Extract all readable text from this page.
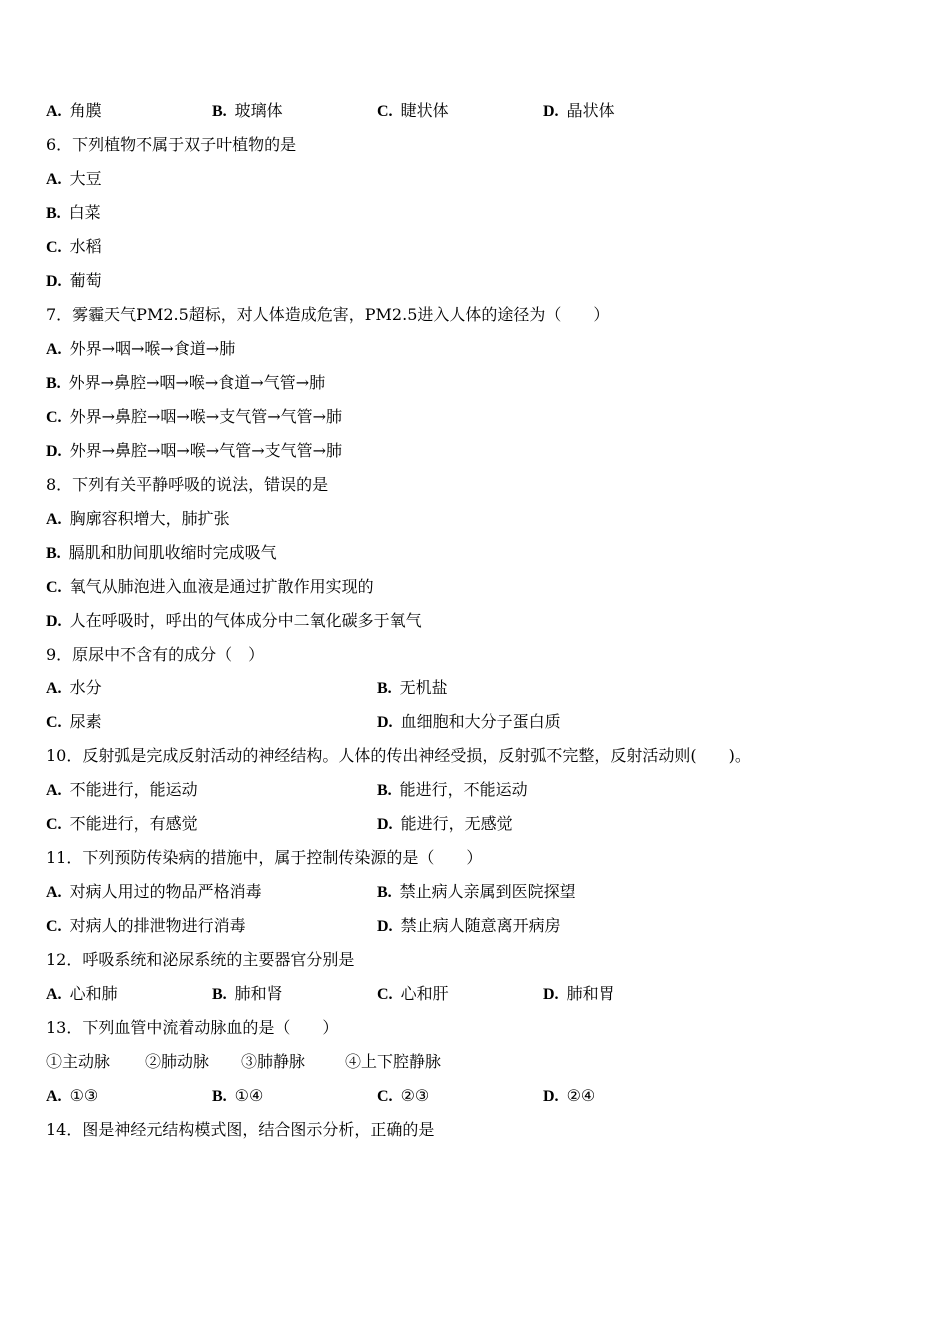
A. 角膜	B. 玻璃体	C. 睫状体	D. 晶状体
6．下列植物不属于双子叶植物的是
A. 大豆
B. 白菜
C. 水稻
D. 葡萄
7．雾霾天气PM2.5超标，对人体造成危害，PM2.5进入人体的途径为（　　）
A. 外界→咽→喉→食道→肺
B. 外界→鼻腔→咽→喉→食道→气管→肺
C. 外界→鼻腔→咽→喉→支气管→气管→肺
D. 外界→鼻腔→咽→喉→气管→支气管→肺
8．下列有关平静呼吸的说法，错误的是
A. 胸廓容积增大，肺扩张
B. 膈肌和肋间肌收缩时完成吸气
C. 氧气从肺泡进入血液是通过扩散作用实现的
D. 人在呼吸时，呼出的气体成分中二氧化碳多于氧气
9．原尿中不含有的成分（　）
A. 水分	B. 无机盐
C. 尿素	D. 血细胞和大分子蛋白质
10．反射弧是完成反射活动的神经结构。人体的传出神经受损，反射弧不完整，反射活动则(　　)。
A. 不能进行，能运动	B. 能进行，不能运动
C. 不能进行，有感觉	D. 能进行，无感觉
11．下列预防传染病的措施中，属于控制传染源的是（　　）
A. 对病人用过的物品严格消毒	B. 禁止病人亲属到医院探望
C. 对病人的排泄物进行消毒	D. 禁止病人随意离开病房
12．呼吸系统和泌尿系统的主要器官分别是
A. 心和肺	B. 肺和肾	C. 心和肝	D. 肺和胃
13．下列血管中流着动脉血的是（　　）
①主动脉 ②肺动脉 ③肺静脉 ④上下腔静脉
A. ①③	B. ①④	C. ②③	D. ②④
14．图是神经元结构模式图，结合图示分析，正确的是
